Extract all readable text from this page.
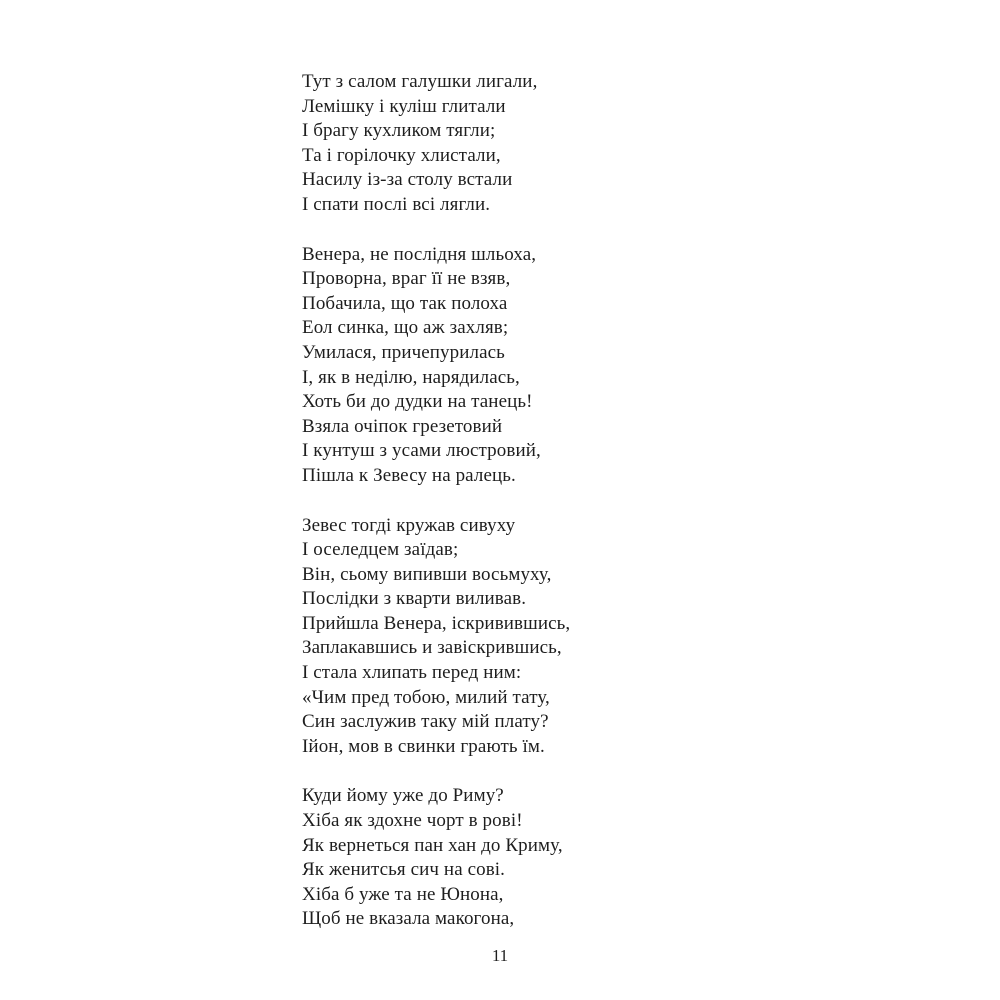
Тут з салом галушки лигали,
Лемішку і куліш глитали
І брагу кухликом тягли;
Та і горілочку хлистали,
Насилу із-за столу встали
І спати послі всі лягли.
Венера, не послідня шльоха,
Проворна, враг її не взяв,
Побачила, що так полоха
Еол синка, що аж захляв;
Умилася, причепурилась
І, як в неділю, нарядилась,
Хоть би до дудки на танець!
Взяла очіпок грезетовий
І кунтуш з усами люстровий,
Пішла к Зевесу на ралець.
Зевес тогді кружав сивуху
І оселедцем заїдав;
Він, сьому випивши восьмуху,
Послідки з кварти виливав.
Прийшла Венера, іскривившись,
Заплакавшись и завіскрившись,
І стала хлипать перед ним:
«Чим пред тобою, милий тату,
Син заслужив таку мій плату?
Ійон, мов в свинки грають їм.
Куди йому уже до Риму?
Хіба як здохне чорт в рові!
Як вернеться пан хан до Криму,
Як женитсья сич на сові.
Хіба б уже та не Юнона,
Щоб не вказала макогона,
11
